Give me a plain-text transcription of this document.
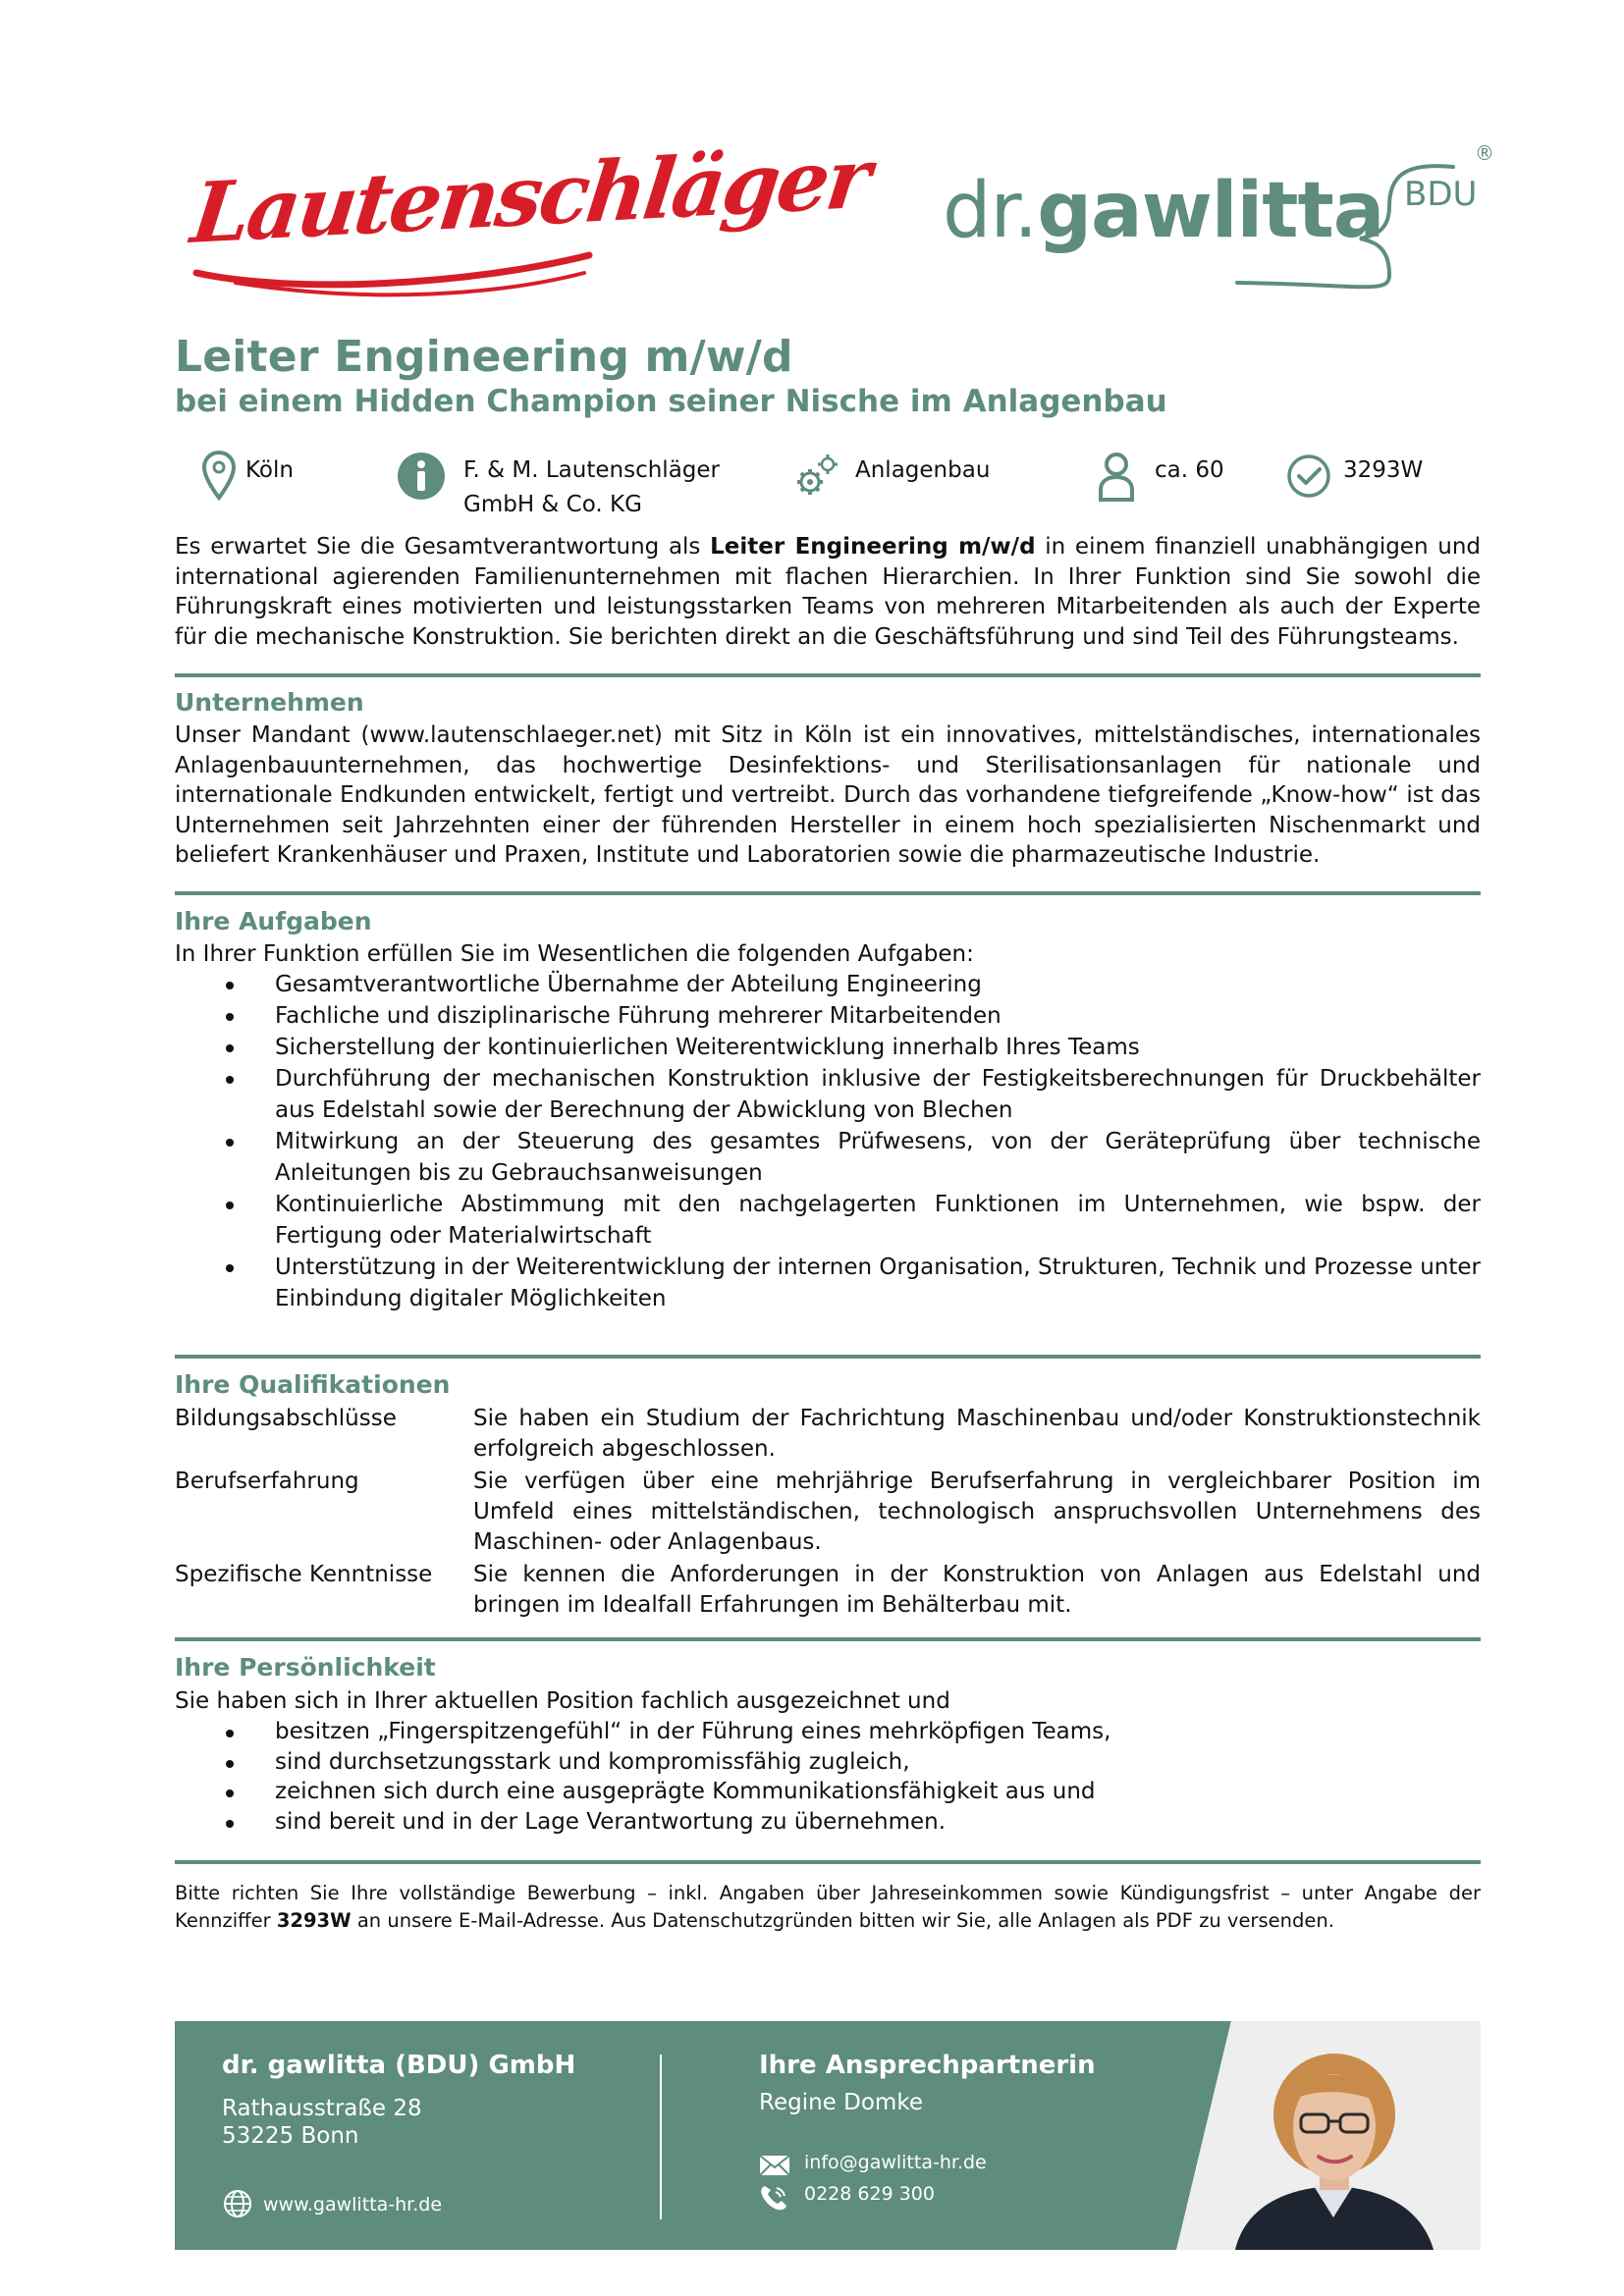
Lautenschläger dr.gawlitta BDU
®
Leiter Engineering m/w/d
bei einem Hidden Champion seiner Nische im Anlagenbau
Köln	F. & M. Lautenschläger
GmbH & Co. KG
Anlagenbau	ca. 60	3293W
Es erwartet Sie die Gesamtverantwortung als Leiter Engineering m/w/d in einem finanziell unabhängigen und international agierenden Familienunternehmen mit flachen Hierarchien. In Ihrer Funktion sind Sie sowohl die Führungskraft eines motivierten und leistungsstarken Teams von mehreren Mitarbeitenden als auch der Experte für die mechanische Konstruktion. Sie berichten direkt an die Geschäftsführung und sind Teil des Führungsteams.
Unternehmen
Unser Mandant (www.lautenschlaeger.net) mit Sitz in Köln ist ein innovatives, mittelständisches, internationales Anlagenbauunternehmen, das hochwertige Desinfektions- und Sterilisationsanlagen für nationale und internationale Endkunden entwickelt, fertigt und vertreibt. Durch das vorhandene tiefgreifende „Know-how“ ist das Unternehmen seit Jahrzehnten einer der führenden Hersteller in einem hoch spezialisierten Nischenmarkt und beliefert Krankenhäuser und Praxen, Institute und Laboratorien sowie die pharmazeutische Industrie.
Ihre Aufgaben
In Ihrer Funktion erfüllen Sie im Wesentlichen die folgenden Aufgaben:
Gesamtverantwortliche Übernahme der Abteilung Engineering
Fachliche und disziplinarische Führung mehrerer Mitarbeitenden
Sicherstellung der kontinuierlichen Weiterentwicklung innerhalb Ihres Teams
Durchführung der mechanischen Konstruktion inklusive der Festigkeitsberechnungen für Druckbehälter aus Edelstahl sowie der Berechnung der Abwicklung von Blechen
Mitwirkung an der Steuerung des gesamtes Prüfwesens, von der Geräteprüfung über technische Anleitungen bis zu Gebrauchsanweisungen
Kontinuierliche Abstimmung mit den nachgelagerten Funktionen im Unternehmen, wie bspw. der Fertigung oder Materialwirtschaft
Unterstützung in der Weiterentwicklung der internen Organisation, Strukturen, Technik und Prozesse unter Einbindung digitaler Möglichkeiten
Ihre Qualifikationen
Bildungsabschlüsse	Sie haben ein Studium der Fachrichtung Maschinenbau und/oder Konstruktionstechnik erfolgreich abgeschlossen.
Berufserfahrung	Sie verfügen über eine mehrjährige Berufserfahrung in vergleichbarer Position im Umfeld eines mittelständischen, technologisch anspruchsvollen Unternehmens des Maschinen- oder Anlagenbaus.
Spezifische Kenntnisse	Sie kennen die Anforderungen in der Konstruktion von Anlagen aus Edelstahl und bringen im Idealfall Erfahrungen im Behälterbau mit.
Ihre Persönlichkeit
Sie haben sich in Ihrer aktuellen Position fachlich ausgezeichnet und
besitzen „Fingerspitzengefühl“ in der Führung eines mehrköpfigen Teams,
sind durchsetzungsstark und kompromissfähig zugleich,
zeichnen sich durch eine ausgeprägte Kommunikationsfähigkeit aus und
sind bereit und in der Lage Verantwortung zu übernehmen.
Bitte richten Sie Ihre vollständige Bewerbung – inkl. Angaben über Jahreseinkommen sowie Kündigungsfrist – unter Angabe der Kennziffer 3293W an unsere E-Mail-Adresse. Aus Datenschutzgründen bitten wir Sie, alle Anlagen als PDF zu versenden.
dr. gawlitta (BDU) GmbH
Rathausstraße 28
53225 Bonn
www.gawlitta-hr.de
Ihre Ansprechpartnerin
Regine Domke
info@gawlitta-hr.de
0228 629 300
